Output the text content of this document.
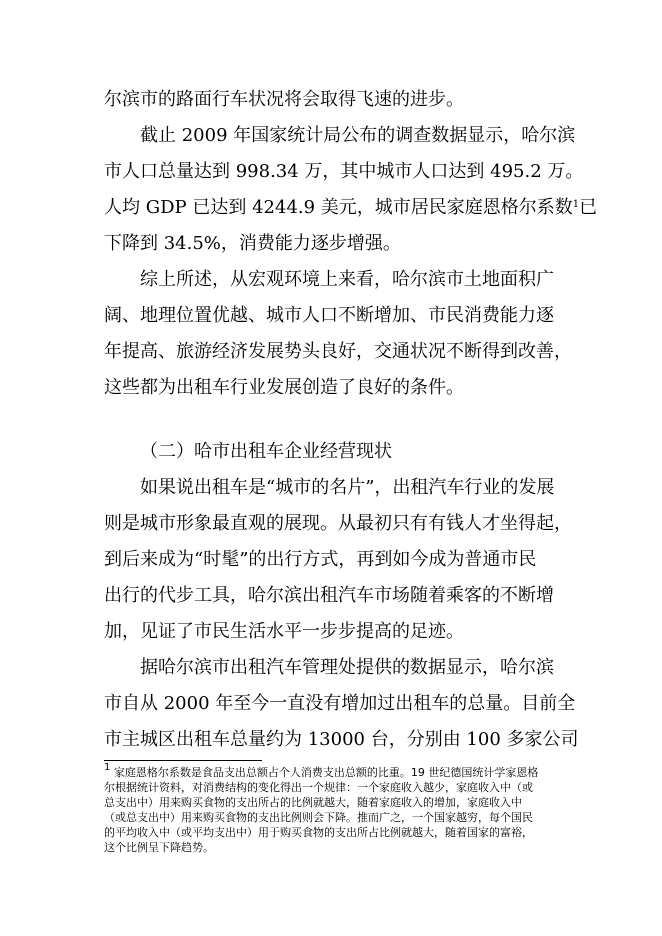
尔滨市的路面行车状况将会取得飞速的进步。
截止 2009 年国家统计局公布的调查数据显示，哈尔滨
市人口总量达到 998.34 万，其中城市人口达到 495.2 万。
人均 GDP 已达到 4244.9 美元，城市居民家庭恩格尔系数$^1$已
下降到 34.5%，消费能力逐步增强。
综上所述，从宏观环境上来看，哈尔滨市土地面积广
阔、地理位置优越、城市人口不断增加、市民消费能力逐
年提高、旅游经济发展势头良好，交通状况不断得到改善，
这些都为出租车行业发展创造了良好的条件。
（二）哈市出租车企业经营现状
如果说出租车是“城市的名片”，出租汽车行业的发展
则是城市形象最直观的展现。从最初只有有钱人才坐得起，
到后来成为“时髦”的出行方式，再到如今成为普通市民
出行的代步工具，哈尔滨出租汽车市场随着乘客的不断增
加，见证了市民生活水平一步步提高的足迹。
据哈尔滨市出租汽车管理处提供的数据显示，哈尔滨
市自从 2000 年至今一直没有增加过出租车的总量。目前全
市主城区出租车总量约为 13000 台，分别由 100 多家公司
$^1$ 家庭恩格尔系数是食品支出总额占个人消费支出总额的比重。19 世纪德国统计学家恩格
尔根据统计资料，对消费结构的变化得出一个规律：一个家庭收入越少，家庭收入中（或
总支出中）用来购买食物的支出所占的比例就越大，随着家庭收入的增加，家庭收入中
（或总支出中）用来购买食物的支出比例则会下降。推而广之，一个国家越穷，每个国民
的平均收入中（或平均支出中）用于购买食物的支出所占比例就越大，随着国家的富裕，
这个比例呈下降趋势。
